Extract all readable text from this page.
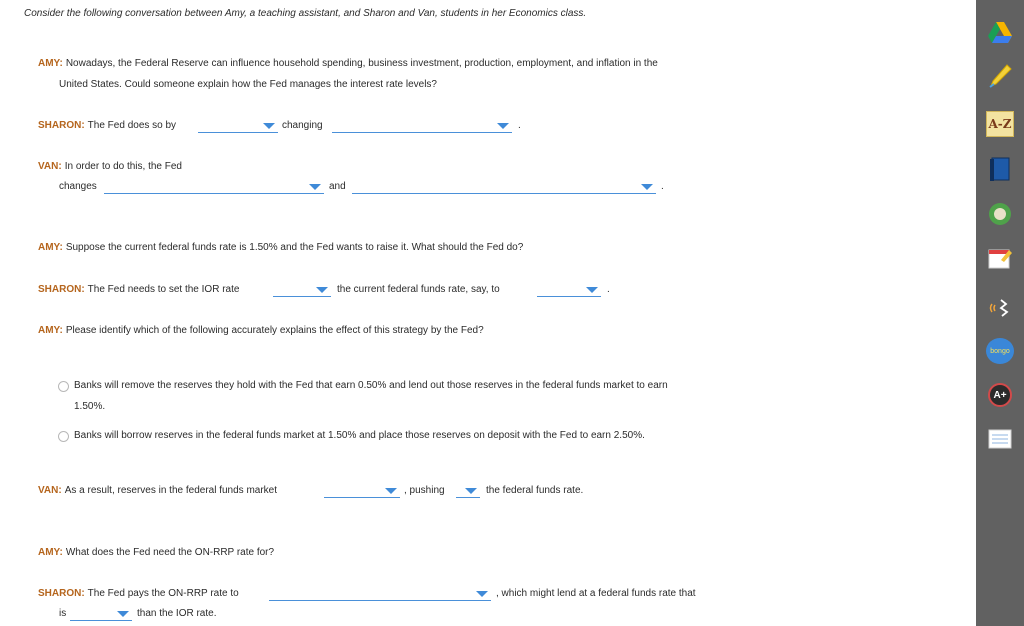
Consider the following conversation between Amy, a teaching assistant, and Sharon and Van, students in her Economics class.
AMY: Nowadays, the Federal Reserve can influence household spending, business investment, production, employment, and inflation in the
United States. Could someone explain how the Fed manages the interest rate levels?
SHARON: The Fed does so by	changing	.
VAN: In order to do this, the Fed
changes	and	.
AMY: Suppose the current federal funds rate is 1.50% and the Fed wants to raise it. What should the Fed do?
SHARON: The Fed needs to set the IOR rate	the current federal funds rate, say, to	.
AMY: Please identify which of the following accurately explains the effect of this strategy by the Fed?
Banks will remove the reserves they hold with the Fed that earn 0.50% and lend out those reserves in the federal funds market to earn
1.50%.
Banks will borrow reserves in the federal funds market at 1.50% and place those reserves on deposit with the Fed to earn 2.50%.
VAN: As a result, reserves in the federal funds market	, pushing	the federal funds rate.
AMY: What does the Fed need the ON-RRP rate for?
SHARON: The Fed pays the ON-RRP rate to	, which might lend at a federal funds rate that
is	than the IOR rate.
A-Z
bongo
A+
